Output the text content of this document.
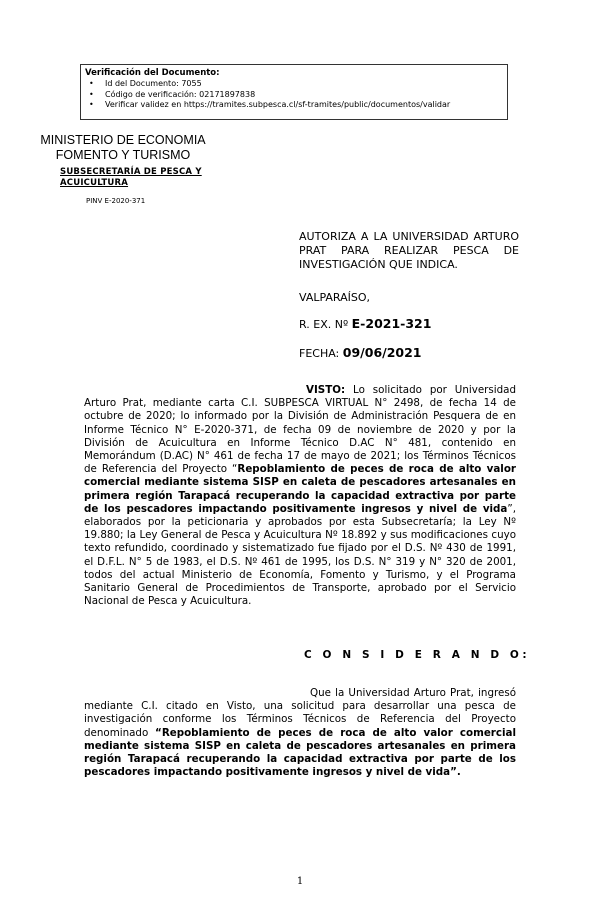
Verificación del Documento:
• Id del Documento: 7055
• Código de verificación: 02171897838
• Verificar validez en https://tramites.subpesca.cl/sf-tramites/public/documentos/validar
MINISTERIO DE ECONOMIA
FOMENTO Y TURISMO
SUBSECRETARÍA DE PESCA Y
ACUICULTURA
PINV E-2020-371
AUTORIZA A LA UNIVERSIDAD ARTURO PRAT PARA REALIZAR PESCA DE INVESTIGACIÓN QUE INDICA.
VALPARAÍSO,
R. EX. Nº E-2021-321
FECHA: 09/06/2021
VISTO: Lo solicitado por Universidad Arturo Prat, mediante carta C.I. SUBPESCA VIRTUAL N° 2498, de fecha 14 de octubre de 2020; lo informado por la División de Administración Pesquera de en Informe Técnico N° E-2020-371, de fecha 09 de noviembre de 2020 y por la División de Acuicultura en Informe Técnico D.AC N° 481, contenido en Memorándum (D.AC) N° 461 de fecha 17 de mayo de 2021; los Términos Técnicos de Referencia del Proyecto “Repoblamiento de peces de roca de alto valor comercial mediante sistema SISP en caleta de pescadores artesanales en primera región Tarapacá recuperando la capacidad extractiva por parte de los pescadores impactando positivamente ingresos y nivel de vida”, elaborados por la peticionaria y aprobados por esta Subsecretaría; la Ley Nº 19.880; la Ley General de Pesca y Acuicultura Nº 18.892 y sus modificaciones cuyo texto refundido, coordinado y sistematizado fue fijado por el D.S. Nº 430 de 1991, el D.F.L. N° 5 de 1983, el D.S. Nº 461 de 1995, los D.S. N° 319 y N° 320 de 2001, todos del actual Ministerio de Economía, Fomento y Turismo, y el Programa Sanitario General de Procedimientos de Transporte, aprobado por el Servicio Nacional de Pesca y Acuicultura.
C O N S I D E R A N D O:
Que la Universidad Arturo Prat, ingresó mediante C.I. citado en Visto, una solicitud para desarrollar una pesca de investigación conforme los Términos Técnicos de Referencia del Proyecto denominado “Repoblamiento de peces de roca de alto valor comercial mediante sistema SISP en caleta de pescadores artesanales en primera región Tarapacá recuperando la capacidad extractiva por parte de los pescadores impactando positivamente ingresos y nivel de vida”.
1
